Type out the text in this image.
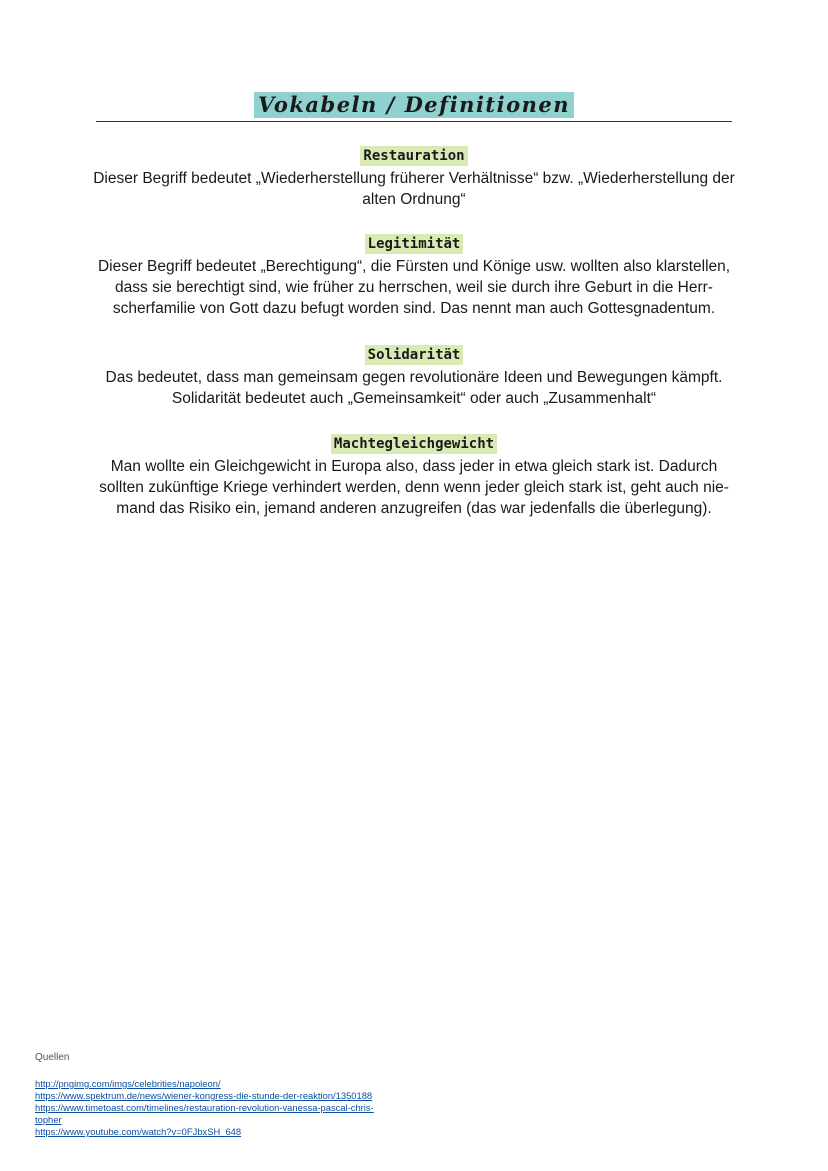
Vokabeln / Definitionen
Restauration

Dieser Begriff bedeutet „Wiederherstellung früherer Verhältnisse“ bzw. „Wiederherstellung der alten Ordnung“

Legitimität

Dieser Begriff bedeutet „Berechtigung“, die Fürsten und Könige usw. wollten also klarstellen, dass sie berechtigt sind, wie früher zu herrschen, weil sie durch ihre Geburt in die Herr-scherfamilie von Gott dazu befugt worden sind. Das nennt man auch Gottesgnadentum.

Solidarität

Das bedeutet, dass man gemeinsam gegen revolutionäre Ideen und Bewegungen kämpft. Solidarität bedeutet auch „Gemeinsamkeit“ oder auch „Zusammenhalt“

Machtegleichgewicht

Man wollte ein Gleichgewicht in Europa also, dass jeder in etwa gleich stark ist. Dadurch sollten zukünftige Kriege verhindert werden, denn wenn jeder gleich stark ist, geht auch nie-mand das Risiko ein, jemand anderen anzugreifen (das war jedenfalls die überlegung).

Quellen
http://pngimg.com/imgs/celebrities/napoleon/
https://www.spektrum.de/news/wiener-kongress-die-stunde-der-reaktion/1350188
https://www.timetoast.com/timelines/restauration-revolution-vanessa-pascal-chris-
topher
https://www.youtube.com/watch?v=0FJbxSH_648
